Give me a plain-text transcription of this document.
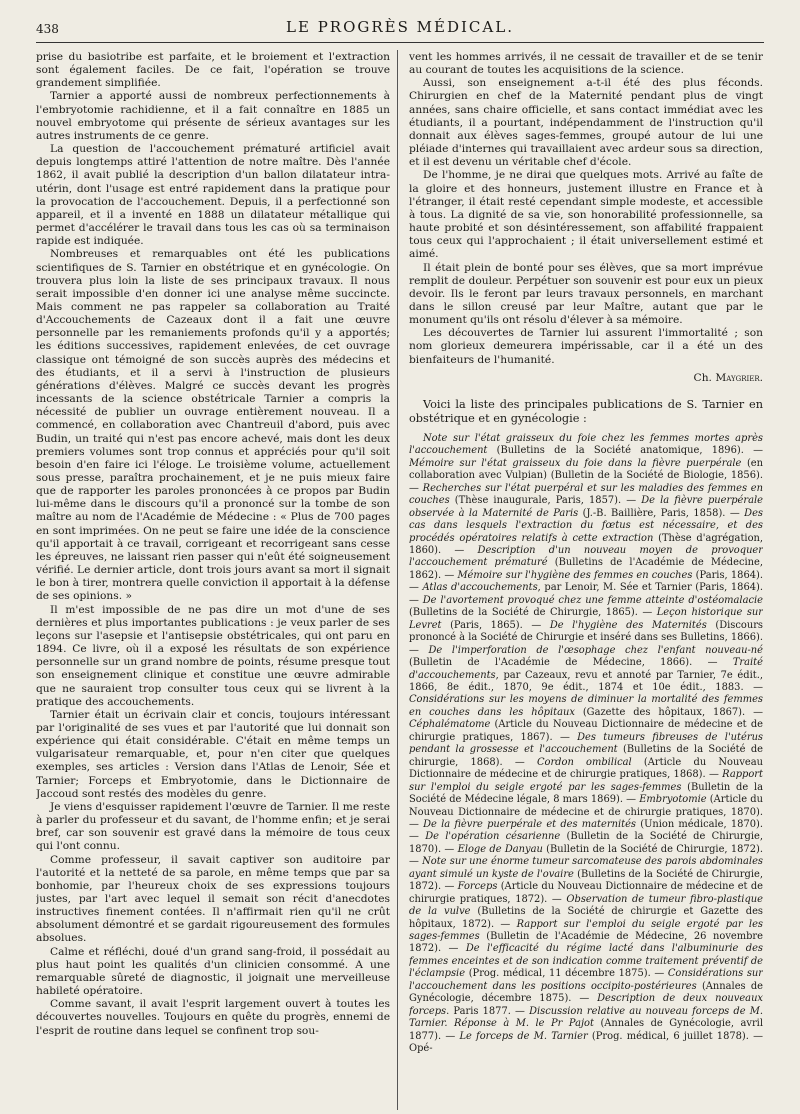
438	LE PROGRÈS MÉDICAL.

prise du basiotribe est parfaite, et le broiement et l'extraction sont également faciles. De ce fait, l'opération se trouve grandement simplifiée.

Tarnier a apporté aussi de nombreux perfectionnements à l'embryotomie rachidienne, et il a fait connaître en 1885 un nouvel embryotome qui présente de sérieux avantages sur les autres instruments de ce genre.

La question de l'accouchement prématuré artificiel avait depuis longtemps attiré l'attention de notre maître. Dès l'année 1862, il avait publié la description d'un ballon dilatateur intra-utérin, dont l'usage est entré rapidement dans la pratique pour la provocation de l'accouchement. Depuis, il a perfectionné son appareil, et il a inventé en 1888 un dilatateur métallique qui permet d'accélérer le travail dans tous les cas où sa terminaison rapide est indiquée.

Nombreuses et remarquables ont été les publications scientifiques de S. Tarnier en obstétrique et en gynécologie. On trouvera plus loin la liste de ses principaux travaux. Il nous serait impossible d'en donner ici une analyse même succincte. Mais comment ne pas rappeler sa collaboration au Traité d'Accouchements de Cazeaux dont il a fait une œuvre personnelle par les remaniements profonds qu'il y a apportés; les éditions successives, rapidement enlevées, de cet ouvrage classique ont témoigné de son succès auprès des médecins et des étudiants, et il a servi à l'instruction de plusieurs générations d'élèves. Malgré ce succès devant les progrès incessants de la science obstétricale Tarnier a compris la nécessité de publier un ouvrage entièrement nouveau. Il a commencé, en collaboration avec Chantreuil d'abord, puis avec Budin, un traité qui n'est pas encore achevé, mais dont les deux premiers volumes sont trop connus et appréciés pour qu'il soit besoin d'en faire ici l'éloge. Le troisième volume, actuellement sous presse, paraîtra prochainement, et je ne puis mieux faire que de rapporter les paroles prononcées à ce propos par Budin lui-même dans le discours qu'il a prononcé sur la tombe de son maître au nom de l'Académie de Médecine : « Plus de 700 pages en sont imprimées. On ne peut se faire une idée de la conscience qu'il apportait à ce travail, corrigeant et recorrigeant sans cesse les épreuves, ne laissant rien passer qui n'eût été soigneusement vérifié. Le dernier article, dont trois jours avant sa mort il signait le bon à tirer, montrera quelle conviction il apportait à la défense de ses opinions. »

Il m'est impossible de ne pas dire un mot d'une de ses dernières et plus importantes publications : je veux parler de ses leçons sur l'asepsie et l'antisepsie obstétricales, qui ont paru en 1894. Ce livre, où il a exposé les résultats de son expérience personnelle sur un grand nombre de points, résume presque tout son enseignement clinique et constitue une œuvre admirable que ne sauraient trop consulter tous ceux qui se livrent à la pratique des accouchements.

Tarnier était un écrivain clair et concis, toujours intéressant par l'originalité de ses vues et par l'autorité que lui donnait son expérience qui était considérable. C'était en même temps un vulgarisateur remarquable, et, pour n'en citer que quelques exemples, ses articles : Version dans l'Atlas de Lenoir, Sée et Tarnier; Forceps et Embryotomie, dans le Dictionnaire de Jaccoud sont restés des modèles du genre.

Je viens d'esquisser rapidement l'œuvre de Tarnier. Il me reste à parler du professeur et du savant, de l'homme enfin; et je serai bref, car son souvenir est gravé dans la mémoire de tous ceux qui l'ont connu.

Comme professeur, il savait captiver son auditoire par l'autorité et la netteté de sa parole, en même temps que par sa bonhomie, par l'heureux choix de ses expressions toujours justes, par l'art avec lequel il semait son récit d'anecdotes instructives finement contées. Il n'affirmait rien qu'il ne crût absolument démontré et se gardait rigoureusement des formules absolues.

Calme et réfléchi, doué d'un grand sang-froid, il possédait au plus haut point les qualités d'un clinicien consommé. A une remarquable sûreté de diagnostic, il joignait une merveilleuse habileté opératoire.

Comme savant, il avait l'esprit largement ouvert à toutes les découvertes nouvelles. Toujours en quête du progrès, ennemi de l'esprit de routine dans lequel se confinent trop sou-

vent les hommes arrivés, il ne cessait de travailler et de se tenir au courant de toutes les acquisitions de la science.

Aussi, son enseignement a-t-il été des plus féconds. Chirurgien en chef de la Maternité pendant plus de vingt années, sans chaire officielle, et sans contact immédiat avec les étudiants, il a pourtant, indépendamment de l'instruction qu'il donnait aux élèves sages-femmes, groupé autour de lui une pléiade d'internes qui travaillaient avec ardeur sous sa direction, et il est devenu un véritable chef d'école.

De l'homme, je ne dirai que quelques mots. Arrivé au faîte de la gloire et des honneurs, justement illustre en France et à l'étranger, il était resté cependant simple modeste, et accessible à tous. La dignité de sa vie, son honorabilité professionnelle, sa haute probité et son désintéressement, son affabilité frappaient tous ceux qui l'approchaient ; il était universellement estimé et aimé.

Il était plein de bonté pour ses élèves, que sa mort imprévue remplit de douleur. Perpétuer son souvenir est pour eux un pieux devoir. Ils le feront par leurs travaux personnels, en marchant dans le sillon creusé par leur Maître, autant que par le monument qu'ils ont résolu d'élever à sa mémoire.

Les découvertes de Tarnier lui assurent l'immortalité ; son nom glorieux demeurera impérissable, car il a été un des bienfaiteurs de l'humanité.

Ch. Maygrier.

Voici la liste des principales publications de S. Tarnier en obstétrique et en gynécologie :

Note sur l'état graisseux du foie chez les femmes mortes après l'accouchement (Bulletins de la Société anatomique, 1896). — Mémoire sur l'état graisseux du foie dans la fièvre puerpérale (en collaboration avec Vulpian) (Bulletin de la Société de Biologie, 1856). — Recherches sur l'état puerpéral et sur les maladies des femmes en couches (Thèse inaugurale, Paris, 1857). — De la fièvre puerpérale observée à la Maternité de Paris (J.-B. Baillière, Paris, 1858). — Des cas dans lesquels l'extraction du fœtus est nécessaire, et des procédés opératoires relatifs à cette extraction (Thèse d'agrégation, 1860). — Description d'un nouveau moyen de provoquer l'accouchement prématuré (Bulletins de l'Académie de Médecine, 1862). — Mémoire sur l'hygiène des femmes en couches (Paris, 1864). — Atlas d'accouchements, par Lenoir, M. Sée et Tarnier (Paris, 1864). — De l'avortement provoqué chez une femme atteinte d'ostéomalacie (Bulletins de la Société de Chirurgie, 1865). — Leçon historique sur Levret (Paris, 1865). — De l'hygiène des Maternités (Discours prononcé à la Société de Chirurgie et inséré dans ses Bulletins, 1866). — De l'imperforation de l'œsophage chez l'enfant nouveau-né (Bulletin de l'Académie de Médecine, 1866). — Traité d'accouchements, par Cazeaux, revu et annoté par Tarnier, 7e édit., 1866, 8e édit., 1870, 9e édit., 1874 et 10e édit., 1883. — Considérations sur les moyens de diminuer la mortalité des femmes en couches dans les hôpitaux (Gazette des hôpitaux, 1867). — Céphalématome (Article du Nouveau Dictionnaire de médecine et de chirurgie pratiques, 1867). — Des tumeurs fibreuses de l'utérus pendant la grossesse et l'accouchement (Bulletins de la Société de chirurgie, 1868). — Cordon ombilical (Article du Nouveau Dictionnaire de médecine et de chirurgie pratiques, 1868). — Rapport sur l'emploi du seigle ergoté par les sages-femmes (Bulletin de la Société de Médecine légale, 8 mars 1869). — Embryotomie (Article du Nouveau Dictionnaire de médecine et de chirurgie pratiques, 1870). — De la fièvre puerpérale et des maternités (Union médicale, 1870). — De l'opération césarienne (Bulletin de la Société de Chirurgie, 1870). — Eloge de Danyau (Bulletin de la Société de Chirurgie, 1872). — Note sur une énorme tumeur sarcomateuse des parois abdominales ayant simulé un kyste de l'ovaire (Bulletins de la Société de Chirurgie, 1872). — Forceps (Article du Nouveau Dictionnaire de médecine et de chirurgie pratiques, 1872). — Observation de tumeur fibro-plastique de la vulve (Bulletins de la Société de chirurgie et Gazette des hôpitaux, 1872). — Rapport sur l'emploi du seigle ergoté par les sages-femmes (Bulletin de l'Académie de Médecine, 26 novembre 1872). — De l'efficacité du régime lacté dans l'albuminurie des femmes enceintes et de son indication comme traitement préventif de l'éclampsie (Prog. médical, 11 décembre 1875). — Considérations sur l'accouchement dans les positions occipito-postérieures (Annales de Gynécologie, décembre 1875). — Description de deux nouveaux forceps. Paris 1877. — Discussion relative au nouveau forceps de M. Tarnier. Réponse à M. le Pr Pajot (Annales de Gynécologie, avril 1877). — Le forceps de M. Tarnier (Prog. médical, 6 juillet 1878). — Opé-
